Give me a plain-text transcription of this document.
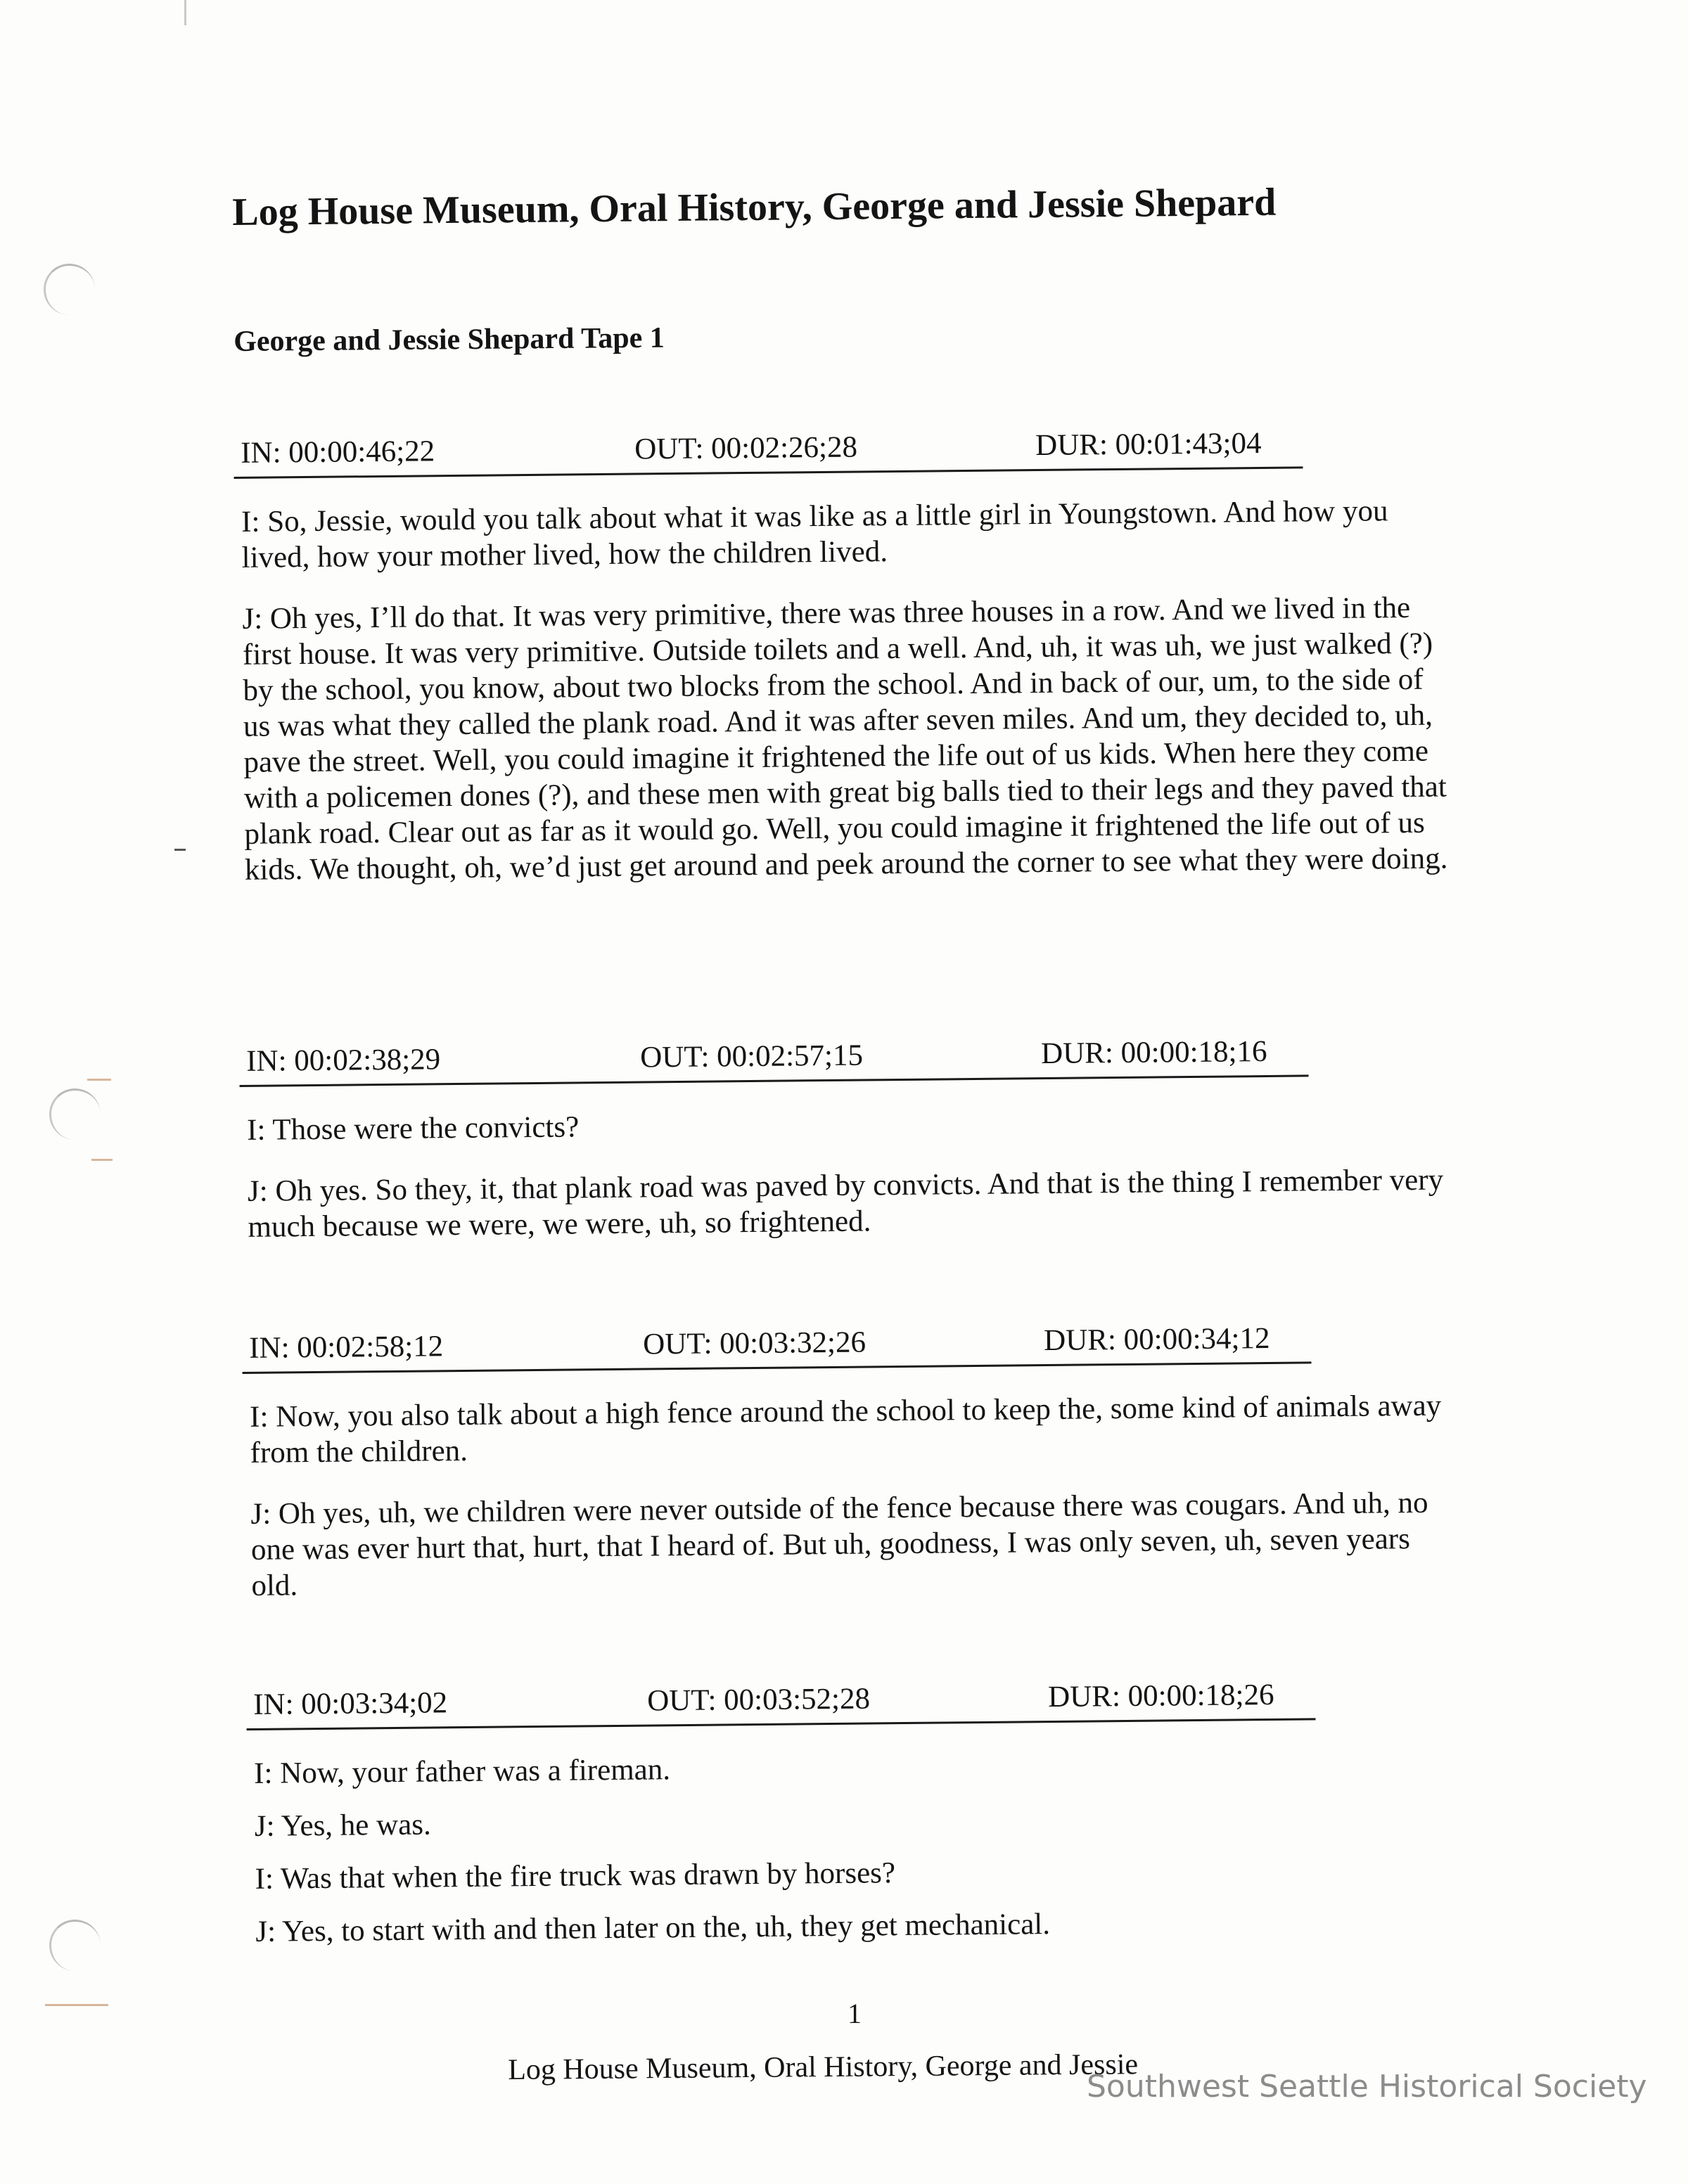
Log House Museum, Oral History, George and Jessie Shepard
George and Jessie Shepard Tape 1
IN: 00:00:46;22	OUT: 00:02:26;28	DUR: 00:01:43;04

I: So, Jessie, would you talk about what it was like as a little girl in Youngstown. And how you lived, how your mother lived, how the children lived.

J: Oh yes, I’ll do that. It was very primitive, there was three houses in a row. And we lived in the first house. It was very primitive. Outside toilets and a well. And, uh, it was uh, we just walked (?) by the school, you know, about two blocks from the school. And in back of our, um, to the side of us was what they called the plank road. And it was after seven miles. And um, they decided to, uh, pave the street. Well, you could imagine it frightened the life out of us kids. When here they come with a policemen dones (?), and these men with great big balls tied to their legs and they paved that plank road. Clear out as far as it would go. Well, you could imagine it frightened the life out of us kids. We thought, oh, we’d just get around and peek around the corner to see what they were doing.

IN: 00:02:38;29	OUT: 00:02:57;15	DUR: 00:00:18;16

I: Those were the convicts?

J: Oh yes. So they, it, that plank road was paved by convicts. And that is the thing I remember very much because we were, we were, uh, so frightened.

IN: 00:02:58;12	OUT: 00:03:32;26	DUR: 00:00:34;12

I: Now, you also talk about a high fence around the school to keep the, some kind of animals away from the children.

J: Oh yes, uh, we children were never outside of the fence because there was cougars. And uh, no one was ever hurt that, hurt, that I heard of. But uh, goodness, I was only seven, uh, seven years old.

IN: 00:03:34;02	OUT: 00:03:52;28	DUR: 00:00:18;26

I: Now, your father was a fireman.

J: Yes, he was.

I: Was that when the fire truck was drawn by horses?

J: Yes, to start with and then later on the, uh, they get mechanical.

1

Log House Museum, Oral History, George and Jessie

Southwest Seattle Historical Society
